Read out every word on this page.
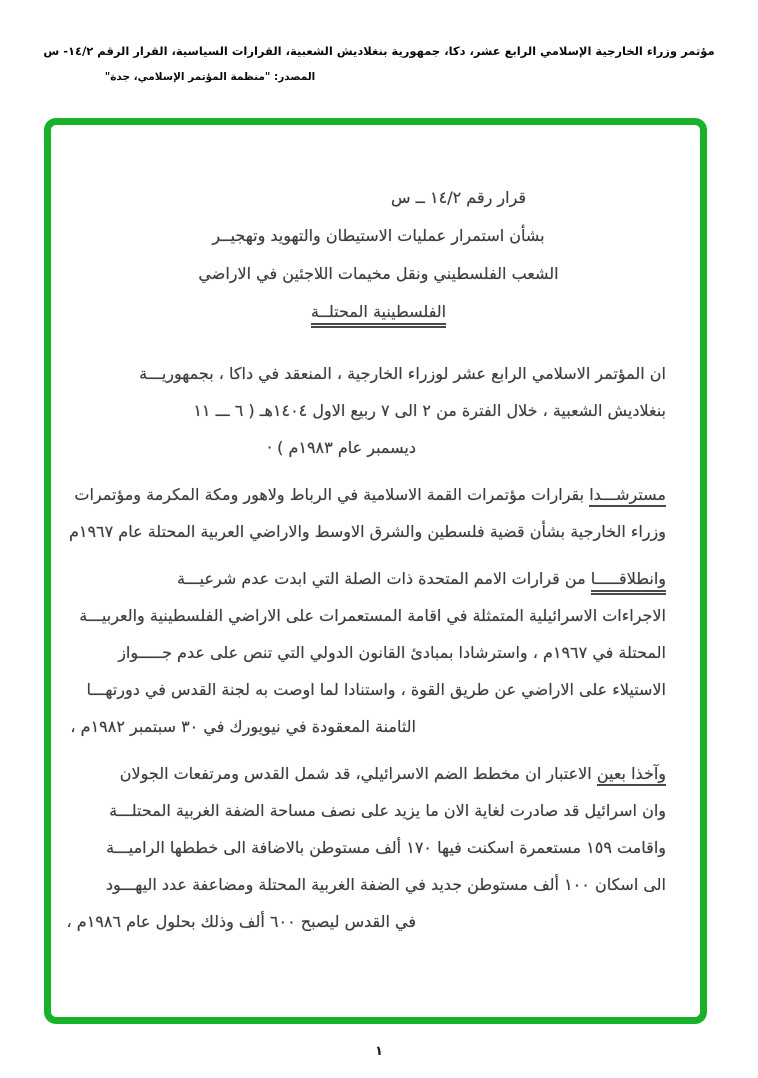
مؤتمر وزراء الخارجية الإسلامي الرابع عشر، دكا، جمهورية بنغلاديش الشعبية، القرارات السياسية، القرار الرقم ١٤/٢- س
المصدر: "منظمة المؤتمر الإسلامي، جدة"
قرار رقم ١٤/٢ ــ س
بشأن استمرار عمليات الاستيطان والتهويد وتهجيــر
الشعب الفلسطيني ونقل مخيمات اللاجئين في الاراضي
الفلسطينية المحتلــة
ان المؤتمر الاسلامي الرابع عشر لوزراء الخارجية ، المنعقد في داكا ، بجمهوريـــة
بنغلاديش الشعبية ، خلال الفترة من ٢ الى ٧ ربيع الاول ١٤٠٤هـ ( ٦ ـــ ١١
ديسمبر عام ١٩٨٣م ) ·
مسترشـــدا بقرارات مؤتمرات القمة الاسلامية في الرباط ولاهور ومكة المكرمة ومؤتمرات
وزراء الخارجية بشأن قضية فلسطين والشرق الاوسط والاراضي العربية المحتلة عام ١٩٦٧م
وانطلاقـــــا من قرارات الامم المتحدة ذات الصلة التي ابدت عدم شرعيـــة
الاجراءات الاسرائيلية المتمثلة في اقامة المستعمرات على الاراضي الفلسطينية والعربيـــة
المحتلة في ١٩٦٧م ، واسترشادا بمبادئ القانون الدولي التي تنص على عدم جـــــواز
الاستيلاء على الاراضي عن طريق القوة ، واستنادا لما اوصت به لجنة القدس في دورتهـــا
الثامنة المعقودة في نيويورك في ٣٠ سبتمبر ١٩٨٢م ،
وآخذا بعين الاعتبار ان مخطط الضم الاسرائيلي، قد شمل القدس ومرتفعات الجولان
وان اسرائيل قد صادرت لغاية الان ما يزيد على نصف مساحة الضفة الغربية المحتلـــة
واقامت ١٥٩ مستعمرة اسكنت فيها ١٧٠ ألف مستوطن بالاضافة الى خططها الراميـــة
الى اسكان ١٠٠ ألف مستوطن جديد في الضفة الغربية المحتلة ومضاعفة عدد اليهـــود
في القدس ليصبح ٦٠٠ ألف وذلك بحلول عام ١٩٨٦م ،
١
